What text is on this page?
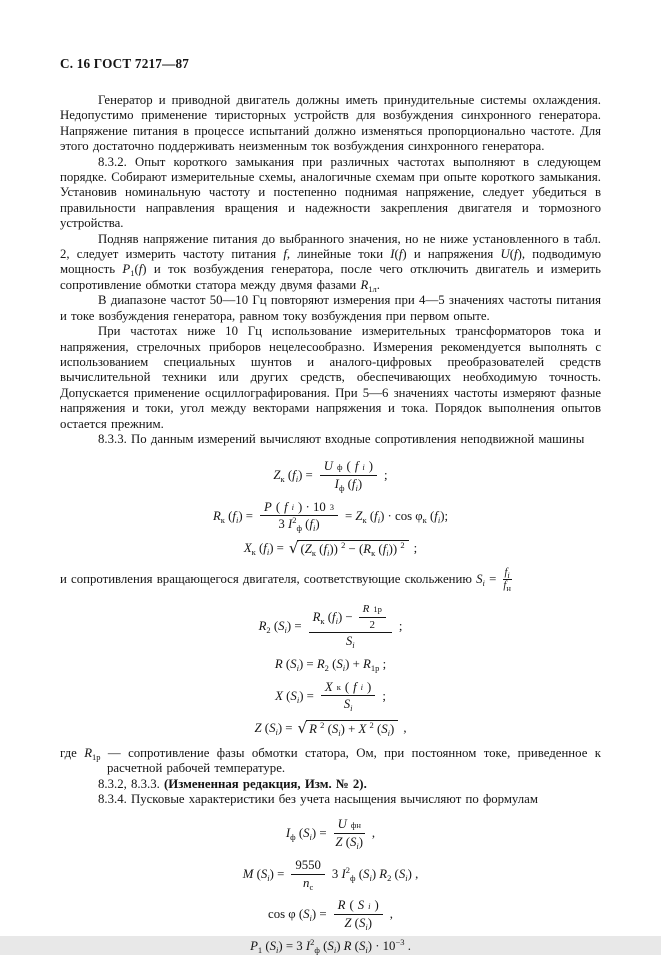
С. 16 ГОСТ 7217—87

Генератор и приводной двигатель должны иметь принудительные системы охлаждения. Недопустимо применение тиристорных устройств для возбуждения синхронного генератора. Напряжение питания в процессе испытаний должно изменяться пропорционально частоте. Для этого достаточно поддерживать неизменным ток возбуждения синхронного генератора.

8.3.2. Опыт короткого замыкания при различных частотах выполняют в следующем порядке. Собирают измерительные схемы, аналогичные схемам при опыте короткого замыкания. Установив номинальную частоту и постепенно поднимая напряжение, следует убедиться в правильности направления вращения и надежности закрепления двигателя и тормозного устройства.

Подняв напряжение питания до выбранного значения, но не ниже установленного в табл. 2, следует измерить частоту питания f, линейные токи I(f) и напряжения U(f), подводимую мощность $P_1(f)$ и ток возбуждения генератора, после чего отключить двигатель и измерить сопротивление обмотки статора между двумя фазами $R_{1л}$.

В диапазоне частот 50—10 Гц повторяют измерения при 4—5 значениях частоты питания и токе возбуждения генератора, равном току возбуждения при первом опыте.

При частотах ниже 10 Гц использование измерительных трансформаторов тока и напряжения, стрелочных приборов нецелесообразно. Измерения рекомендуется выполнять с использованием специальных шунтов и аналого-цифровых преобразователей средств вычислительной техники или других средств, обеспечивающих необходимую точность. Допускается применение осциллографирования. При 5—6 значениях частоты измеряют фазные напряжения и токи, угол между векторами напряжения и тока. Порядок выполнения опытов остается прежним.

8.3.3. По данным измерений вычисляют входные сопротивления неподвижной машины

$Z_к$ $(f_i) = \frac{\text{U ф ( f i )}}{I_ф (f_i)}$ ;
$R_к$ $(f_i) = \frac{\text{P ( f i ) · 10 3}}{3 I^2_ф (f_i)} = Z_к$ $(f_i) \cdot \cos \varphi_к$ $(f_i)$;
$X_к$ $(f_i)$ = √ ($Z_к$ $(f_i)$) $^2 - (R_к$ $(f_i)$) $^2$ ;

и сопротивления вращающегося двигателя, соответствующие скольжению $S_i = \frac{f_i}{f_н}$

$R_2$ $(S_i) = \frac{R_к (f_i) - \frac{R 1р}{2}}{S_i}$ ;
R $(S_i) = R_2$ $(S_i) + R_{1р}$ ;
X $(S_i) = \frac{\text{X к ( f i )}}{S_i}$ ;
Z $(S_i)$ = √ R $^2$ $(S_i) + X$ $^2$ $(S_i)$ ,

где $R_{1р}$ — сопротивление фазы обмотки статора, Ом, при постоянном токе, приведенное к расчетной рабочей температуре.

8.3.2, 8.3.3. (Измененная редакция, Изм. № 2).

8.3.4. Пусковые характеристики без учета насыщения вычисляют по формулам

$I_ф$ $(S_i) = \frac{\text{U фн}}{Z (S_i)}$ ,
M $(S_i) = \frac{9550}{n_с} 3$ $I^2_ф$ $(S_i)$ $R_2$ $(S_i)$ ,
cos φ $(S_i) = \frac{\text{R ( S i )}}{Z (S_i)}$ ,
$P_1$ $(S_i) = 3$ $I^2_ф$ $(S_i)$ R $(S_i) \cdot 10^{-3}$ .
